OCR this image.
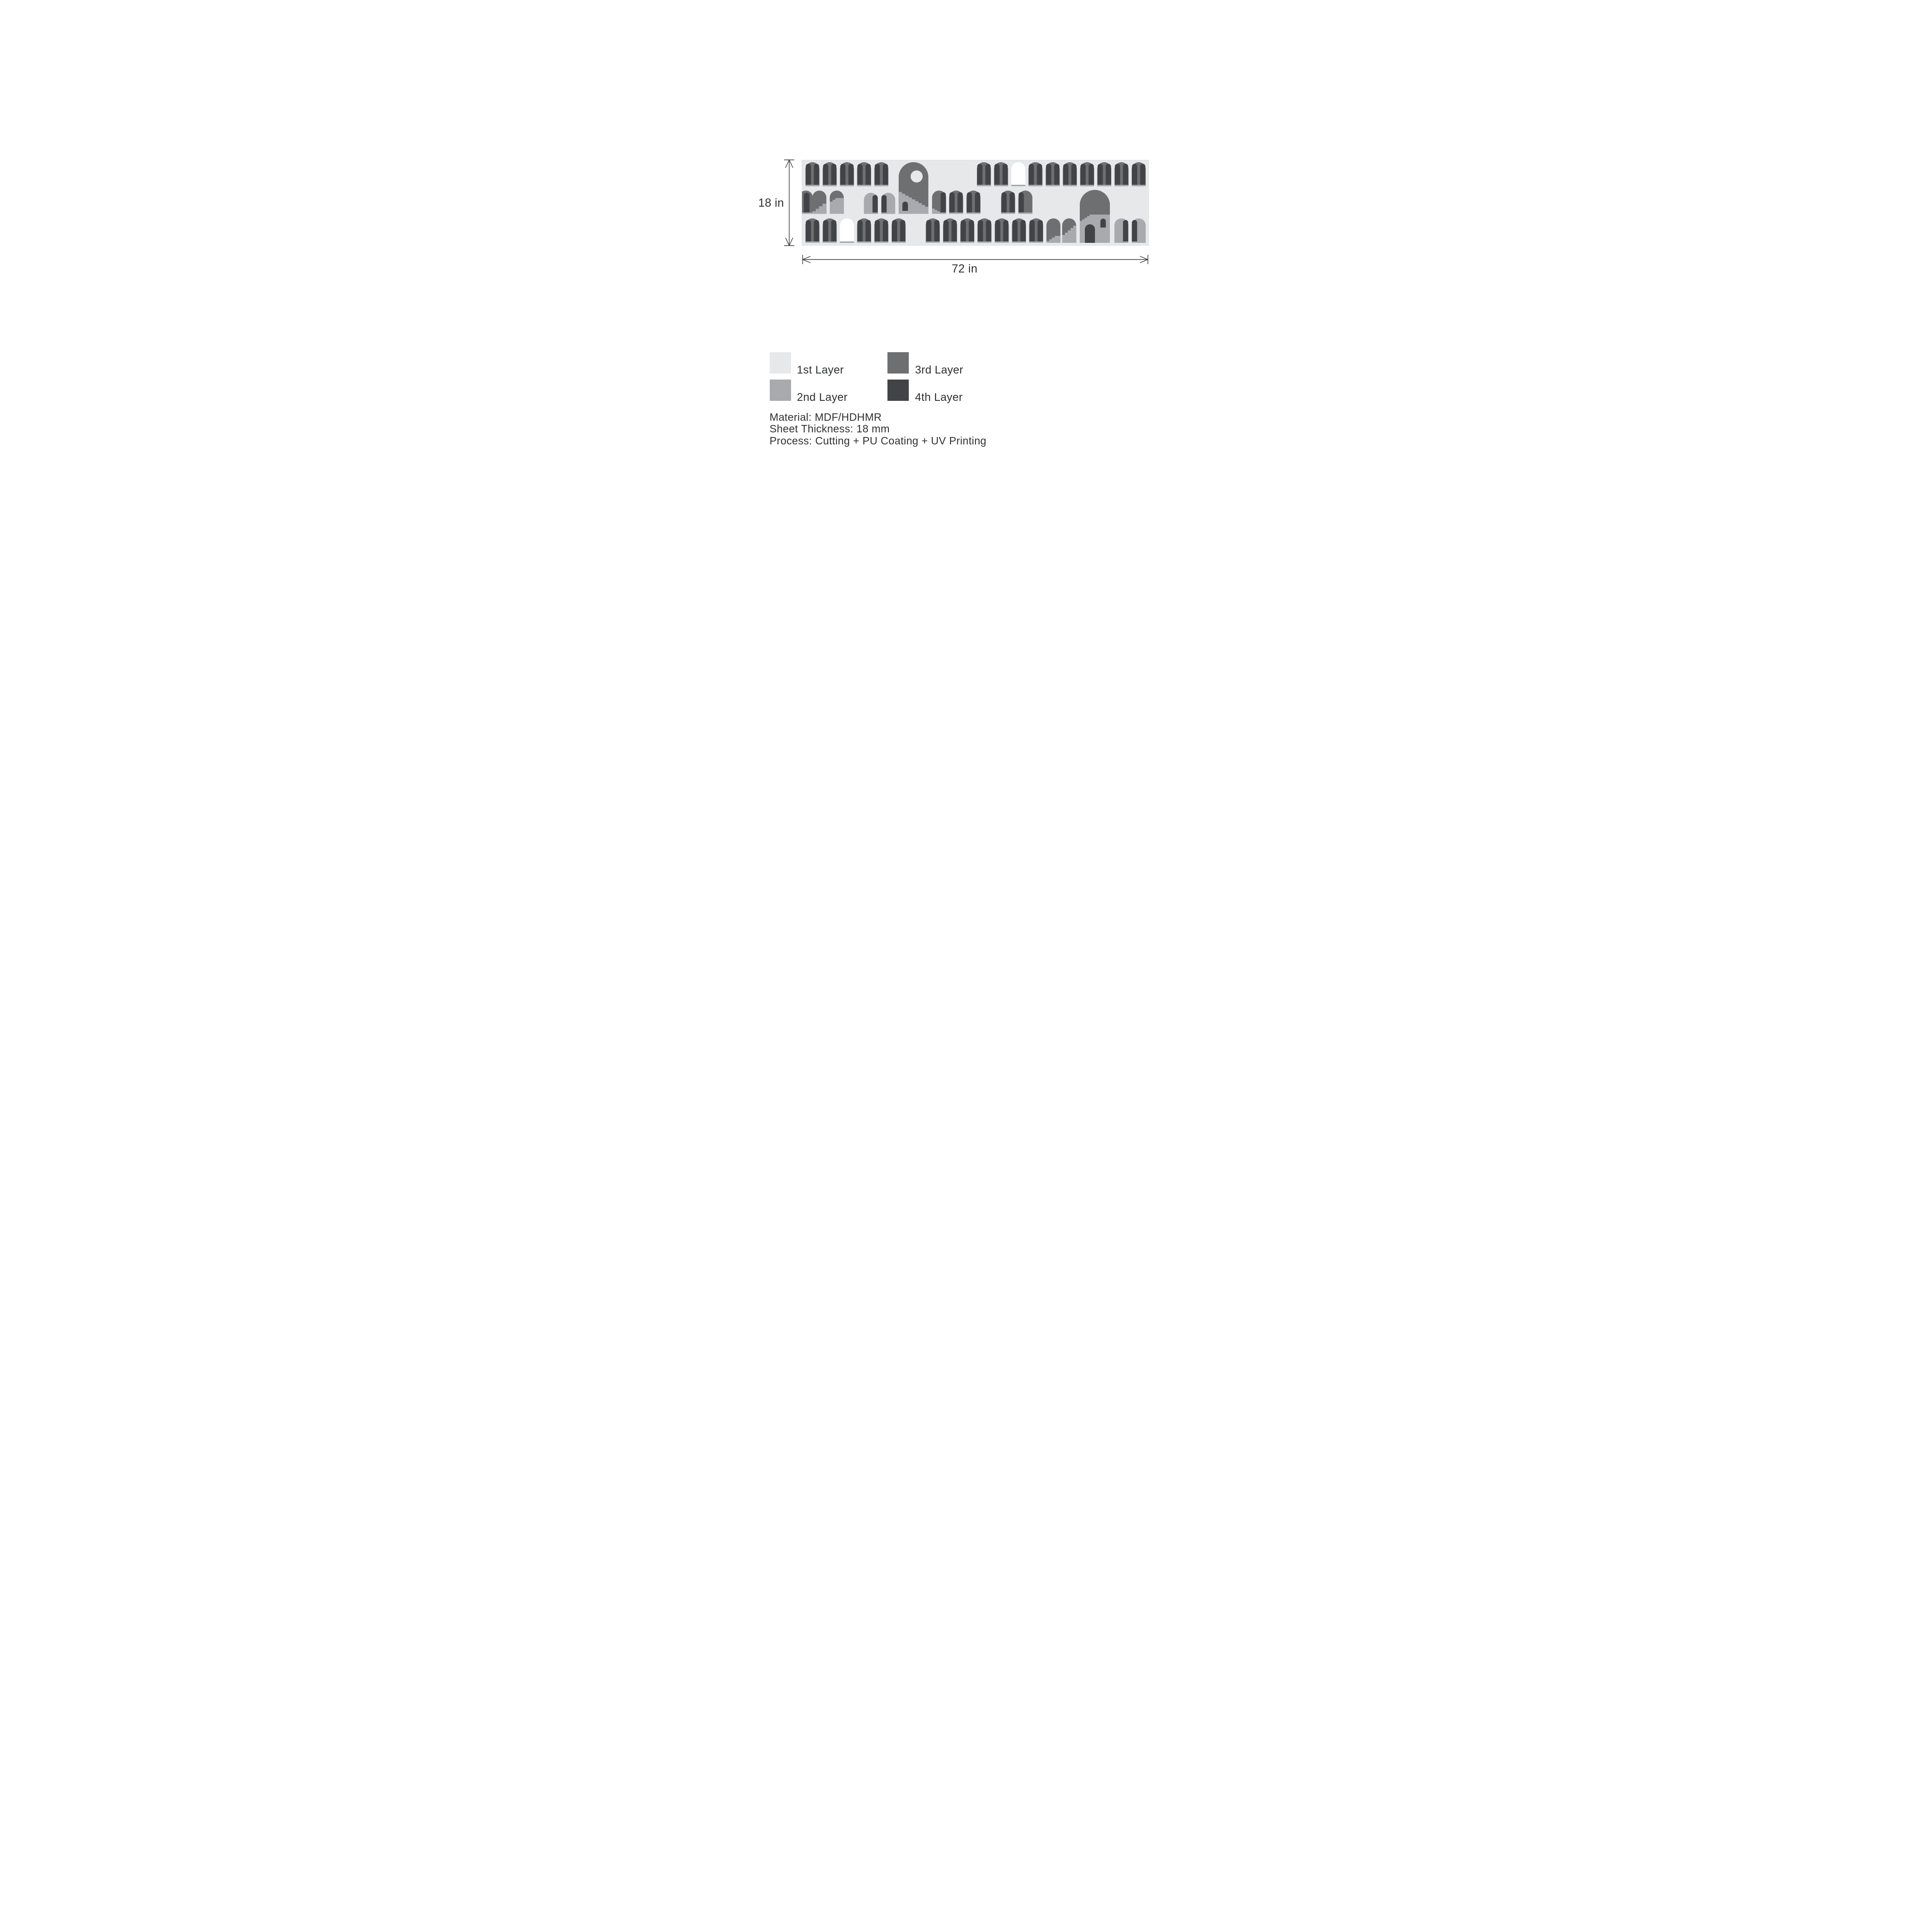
18 in
72 in
1st Layer
2nd Layer
3rd Layer
4th Layer
Material: MDF/HDHMR
Sheet Thickness: 18 mm
Process: Cutting + PU Coating + UV Printing
